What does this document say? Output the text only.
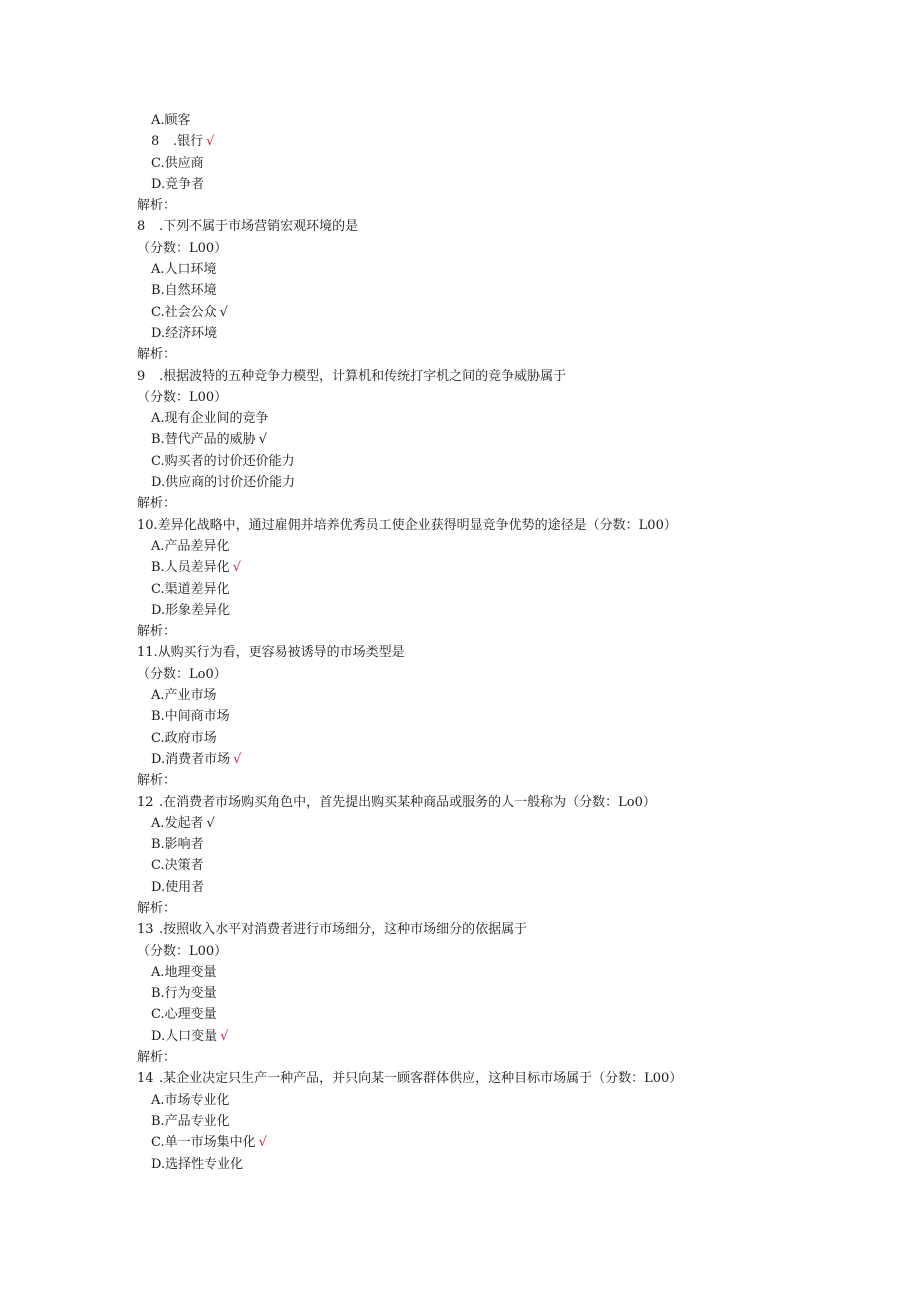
A.顾客
8 .银行 √
C.供应商
D.竞争者
解析：
8 .下列不属于市场营销宏观环境的是
（分数：L00）
A.人口环境
B.自然环境
C.社会公众 √
D.经济环境
解析：
9 .根据波特的五种竞争力模型，计算机和传统打字机之间的竞争威胁属于
（分数：L00）
A.现有企业间的竞争
B.替代产品的威胁 √
C.购买者的讨价还价能力
D.供应商的讨价还价能力
解析：
10.差异化战略中，通过雇佣并培养优秀员工使企业获得明显竞争优势的途径是（分数：L00）
A.产品差异化
B.人员差异化 √
C.渠道差异化
D.形象差异化
解析：
11.从购买行为看，更容易被诱导的市场类型是
（分数：Lo0）
A.产业市场
B.中间商市场
C.政府市场
D.消费者市场 √
解析：
12 .在消费者市场购买角色中，首先提出购买某种商品或服务的人一般称为（分数：Lo0）
A.发起者 √
B.影响者
C.决策者
D.使用者
解析：
13 .按照收入水平对消费者进行市场细分，这种市场细分的依据属于
（分数：L00）
A.地理变量
B.行为变量
C.心理变量
D.人口变量 √
解析：
14 .某企业决定只生产一种产品，并只向某一顾客群体供应，这种目标市场属于（分数：L00）
A.市场专业化
B.产品专业化
C.单一市场集中化 √
D.选择性专业化
